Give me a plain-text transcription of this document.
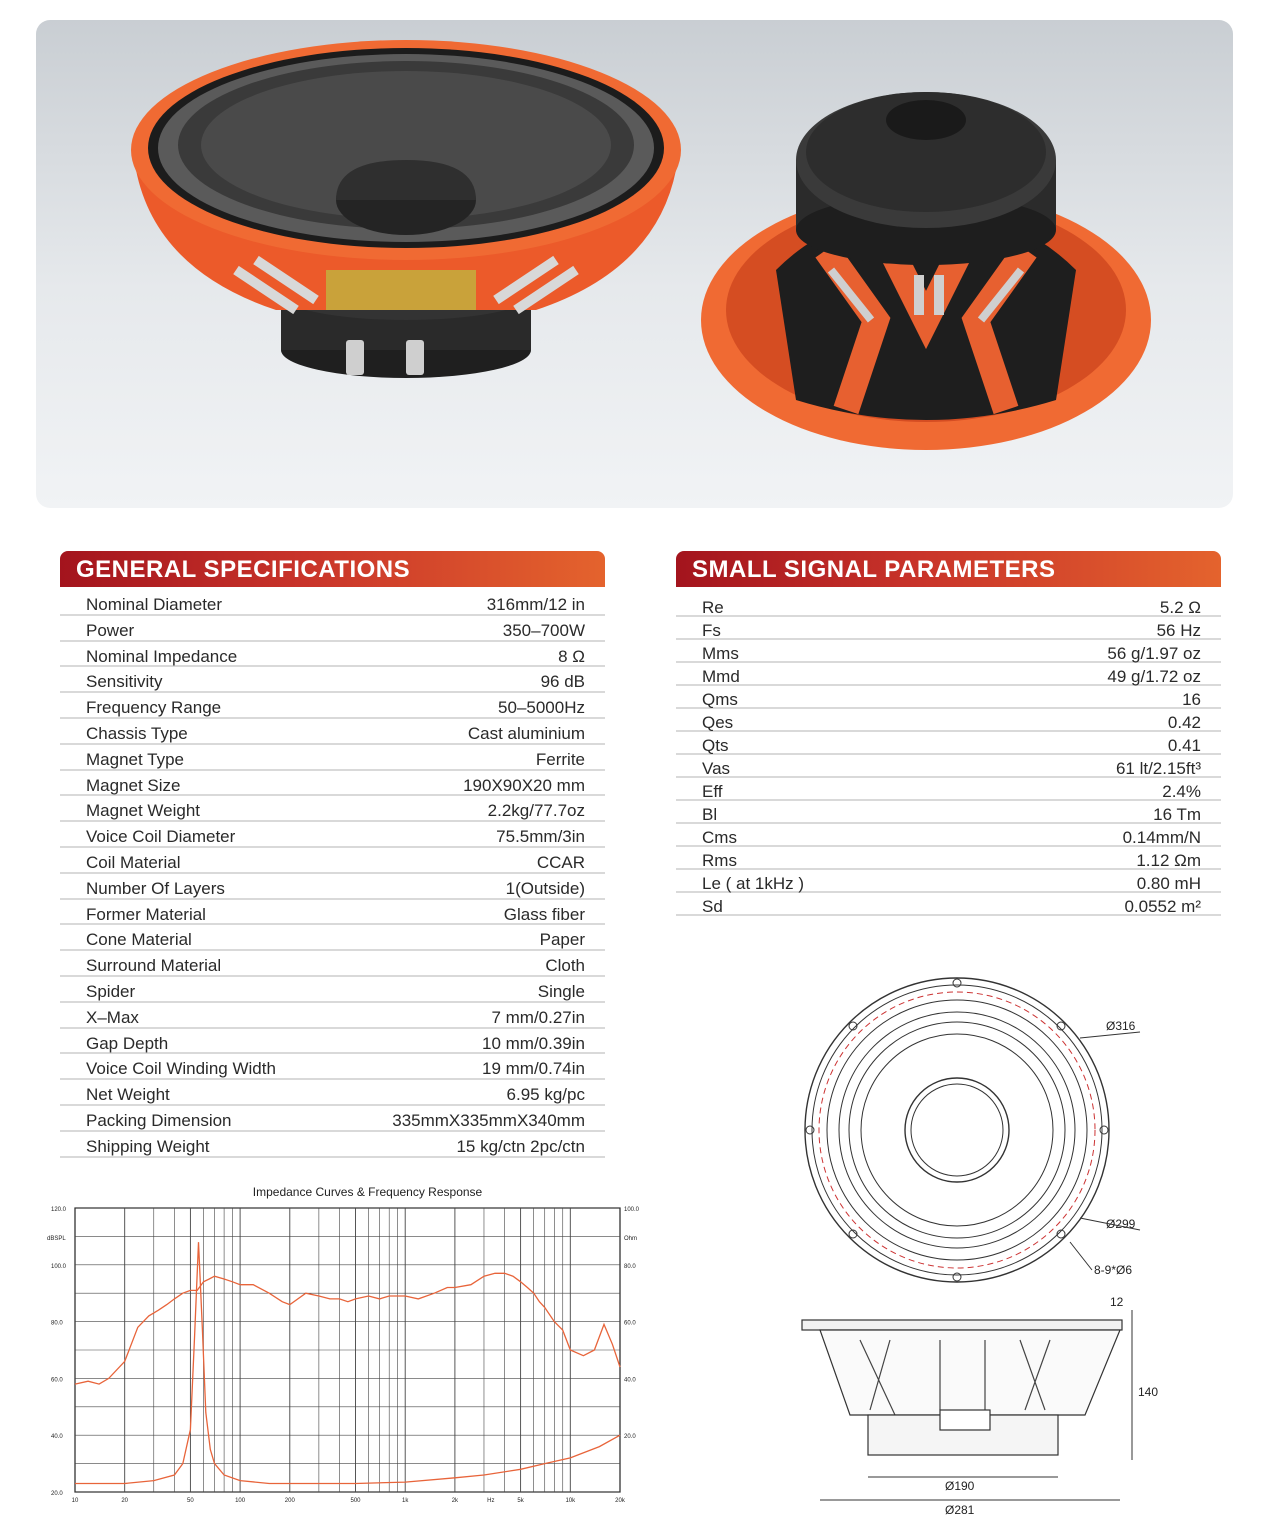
GENERAL SPECIFICATIONS
Nominal Diameter	316mm/12 in
Power	350–700W
Nominal Impedance	8 Ω
Sensitivity	96 dB
Frequency Range	50–5000Hz
Chassis Type	Cast aluminium
Magnet Type	Ferrite
Magnet Size	190X90X20 mm
Magnet Weight	2.2kg/77.7oz
Voice Coil Diameter	75.5mm/3in
Coil Material	CCAR
Number Of Layers	1(Outside)
Former Material	Glass fiber
Cone Material	Paper
Surround Material	Cloth
Spider	Single
X–Max	7 mm/0.27in
Gap Depth	10 mm/0.39in
Voice Coil Winding Width	19 mm/0.74in
Net Weight	6.95 kg/pc
Packing Dimension	335mmX335mmX340mm
Shipping Weight	15 kg/ctn 2pc/ctn
SMALL SIGNAL PARAMETERS
Re	5.2 Ω
Fs	56 Hz
Mms	56 g/1.97 oz
Mmd	49 g/1.72 oz
Qms	16
Qes	0.42
Qts	0.41
Vas	61 lt/2.15ft³
Eff	2.4%
Bl	16 Tm
Cms	0.14mm/N
Rms	1.12 Ωm
Le ( at 1kHz )	0.80 mH
Sd	0.0552 m²
Impedance Curves & Frequency Response
dBSPL	Ohm
120.0
100.0
80.0
60.0
40.0
20.0
100.0
80.0
60.0
40.0
20.0
10	20	50	100	200	500	1k	2k	5k	10k	20k
Hz
Ø316
Ø299
8-9*Ø6
12
140
Ø190
Ø281
